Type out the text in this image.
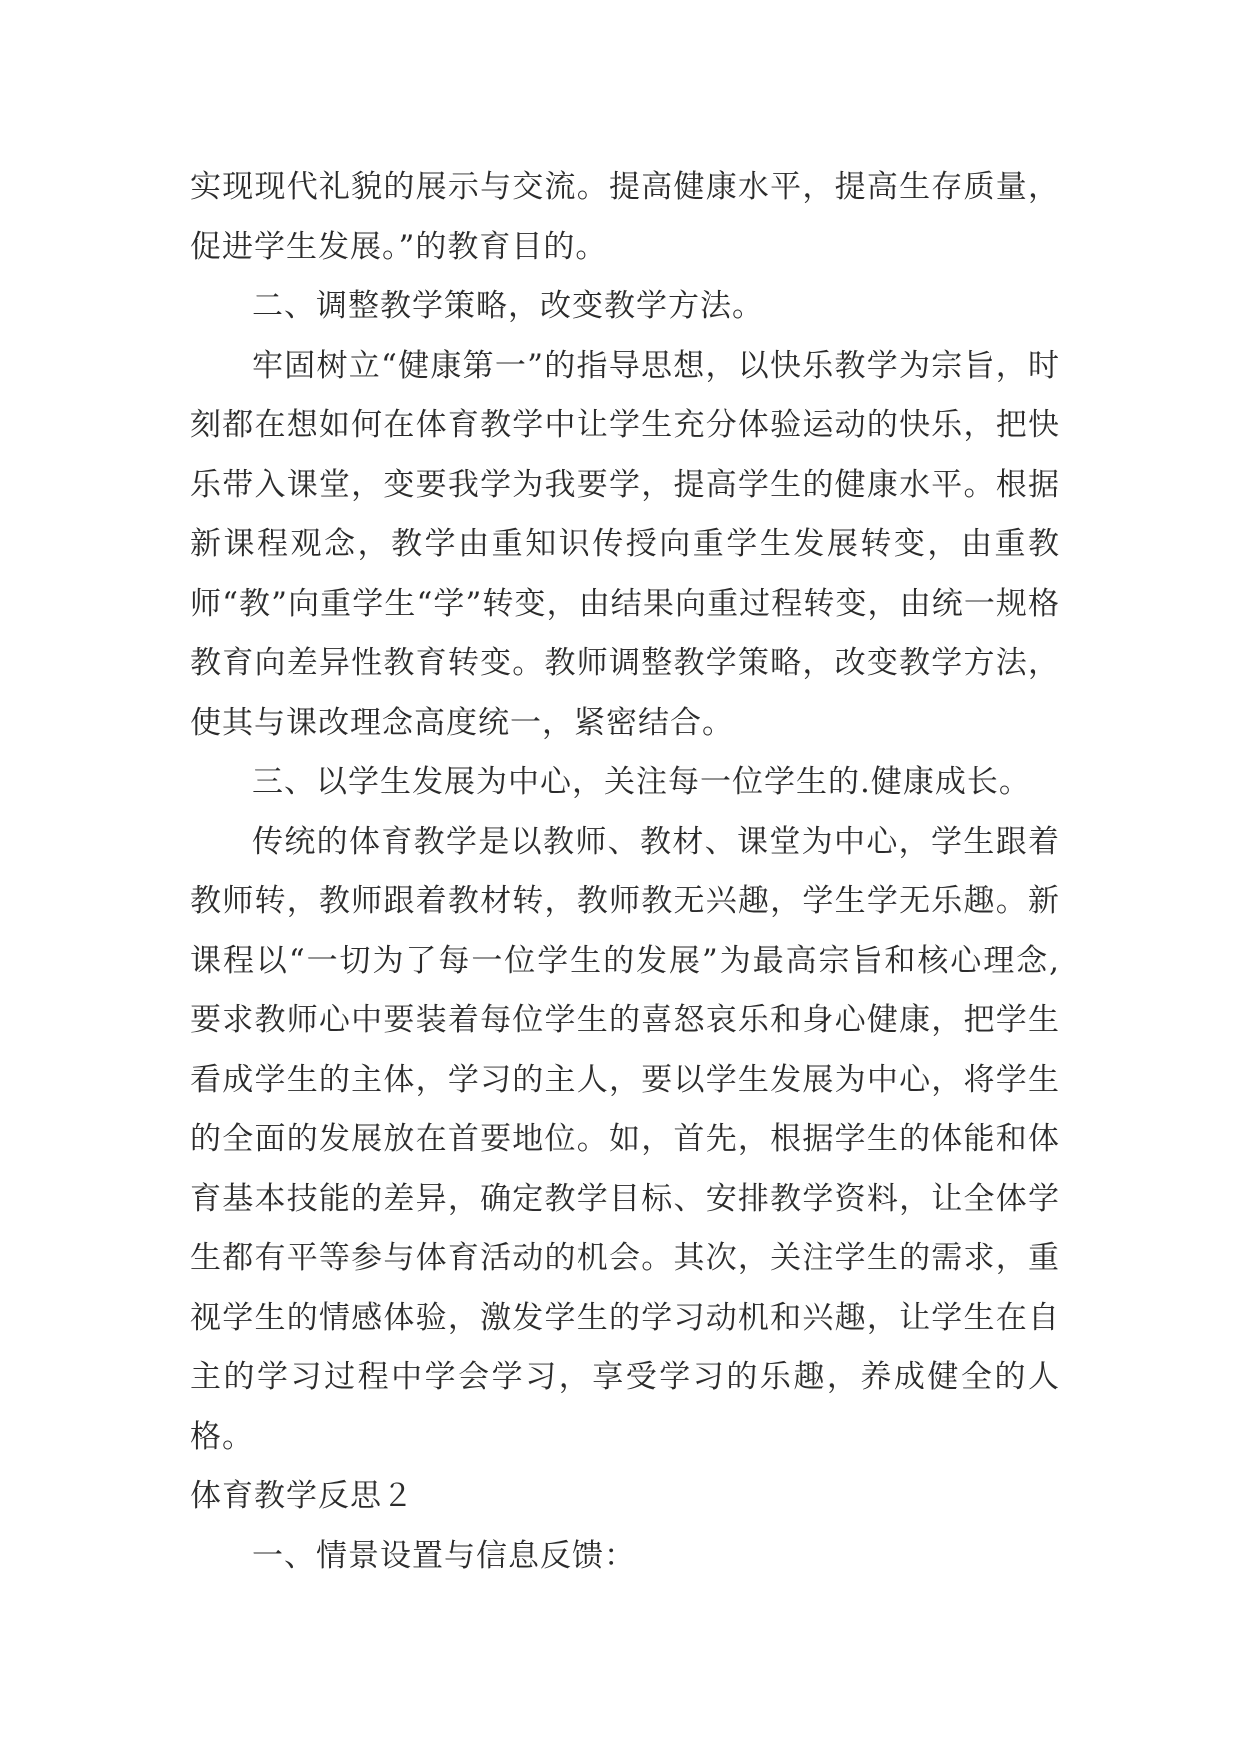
实现现代礼貌的展示与交流。提高健康水平，提高生存质量，促进学生发展。”的教育目的。

二、调整教学策略，改变教学方法。

牢固树立“健康第一”的指导思想，以快乐教学为宗旨，时刻都在想如何在体育教学中让学生充分体验运动的快乐，把快乐带入课堂，变要我学为我要学，提高学生的健康水平。根据新课程观念，教学由重知识传授向重学生发展转变，由重教师“教”向重学生“学”转变，由结果向重过程转变，由统一规格教育向差异性教育转变。教师调整教学策略，改变教学方法，使其与课改理念高度统一，紧密结合。

三、以学生发展为中心，关注每一位学生的.健康成长。

传统的体育教学是以教师、教材、课堂为中心，学生跟着教师转，教师跟着教材转，教师教无兴趣，学生学无乐趣。新课程以“一切为了每一位学生的发展”为最高宗旨和核心理念,要求教师心中要装着每位学生的喜怒哀乐和身心健康，把学生看成学生的主体，学习的主人，要以学生发展为中心，将学生的全面的发展放在首要地位。如，首先，根据学生的体能和体育基本技能的差异，确定教学目标、安排教学资料，让全体学生都有平等参与体育活动的机会。其次，关注学生的需求，重视学生的情感体验，激发学生的学习动机和兴趣，让学生在自主的学习过程中学会学习，享受学习的乐趣，养成健全的人格。

体育教学反思２

一、情景设置与信息反馈：
